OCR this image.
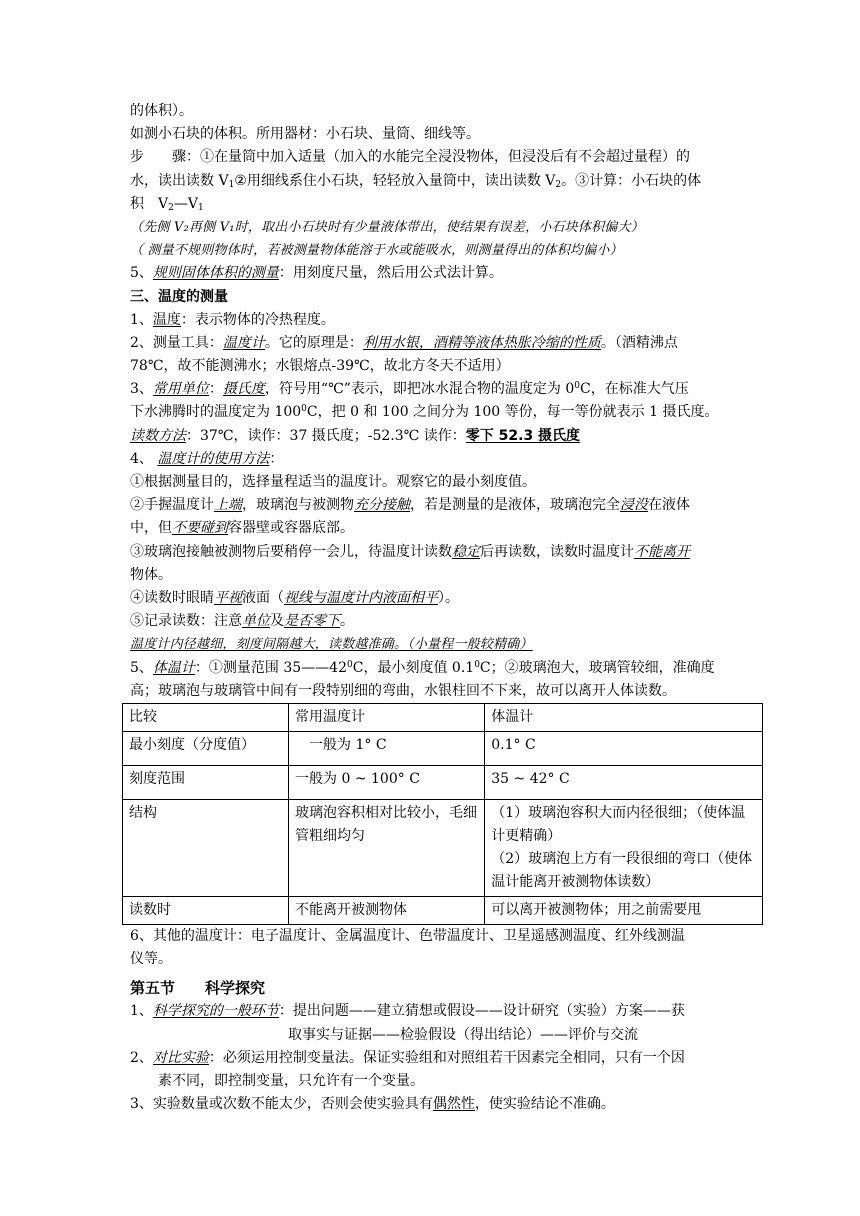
的体积）。
如测小石块的体积。所用器材：小石块、量筒、细线等。
步　　骤：①在量筒中加入适量（加入的水能完全浸没物体，但浸没后有不会超过量程）的
水，读出读数 $V_1②$用细线系住小石块，轻轻放入量筒中，读出读数 $V_2$。③计算：小石块的体
积　$V_2—V_1$
（先侧 V₂再侧 V₁时，取出小石块时有少量液体带出，使结果有误差，小石块体积偏大）
（ 测量不规则物体时，若被测量物体能溶于水或能吸水，则测量得出的体积均偏小）
5、规则固体体积的测量：用刻度尺量，然后用公式法计算。
三、温度的测量
1、温度：表示物体的冷热程度。
2、测量工具：温度计。它的原理是：利用水银，酒精等液体热胀冷缩的性质。（酒精沸点
78℃，故不能测沸水；水银熔点-39℃，故北方冬天不适用）
3、常用单位：摄氏度，符号用“℃”表示，即把冰水混合物的温度定为 $0^0C$，在标准大气压
下水沸腾时的温度定为 $100^0C$，把 0 和 100 之间分为 100 等份，每一等份就表示 1 摄氏度。
读数方法：37℃，读作：37 摄氏度；-52.3℃ 读作：零下 52.3 摄氏度
4、 温度计的使用方法：
①根据测量目的，选择量程适当的温度计。观察它的最小刻度值。
②手握温度计上端，玻璃泡与被测物充分接触，若是测量的是液体，玻璃泡完全浸没在液体
中，但不要碰到容器壁或容器底部。
③玻璃泡接触被测物后要稍停一会儿，待温度计读数稳定后再读数，读数时温度计不能离开
物体。
④读数时眼睛平视液面（视线与温度计内液面相平）。
⑤记录读数：注意单位及是否零下。
温度计内径越细，刻度间隔越大，读数越准确。（小量程一般较精确）
5、体温计：①测量范围 $35——42^0C$，最小刻度值 $0.1^0C$；②玻璃泡大，玻璃管较细，准确度
高；玻璃泡与玻璃管中间有一段特别细的弯曲，水银柱回不下来，故可以离开人体读数。
比较	常用温度计	体温计
最小刻度（分度值）	　一般为 1° C	0.1° C
刻度范围	一般为 0 ~ 100° C	35 ~ 42° C
结构	玻璃泡容积相对比较小，毛细管粗细均匀	（1）玻璃泡容积大而内径很细；（使体温计更精确）
（2）玻璃泡上方有一段很细的弯口（使体温计能离开被测物体读数）

读数时	不能离开被测物体	可以离开被测物体；用之前需要甩
6、其他的温度计：电子温度计、金属温度计、色带温度计、卫星遥感测温度、红外线测温
仪等。
第五节　　科学探究
1、科学探究的一般环节：提出问题——建立猜想或假设——设计研究（实验）方案——获
取事实与证据——检验假设（得出结论）——评价与交流
2、对比实验：必须运用控制变量法。保证实验组和对照组若干因素完全相同，只有一个因
素不同，即控制变量，只允许有一个变量。
3、实验数量或次数不能太少，否则会使实验具有偶然性，使实验结论不准确。
